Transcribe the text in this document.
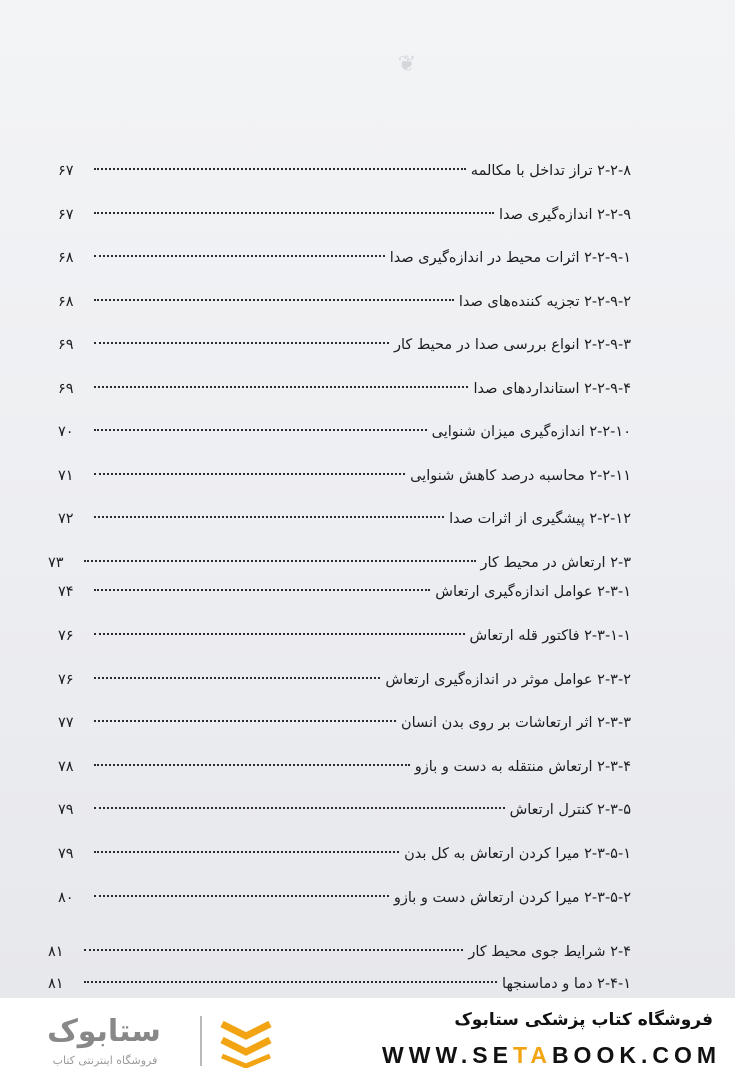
❦
۲-۲-۸ تراز تداخل با مکالمه
۶۷
۲-۲-۹ اندازه‌گیری صدا
۶۷
۲-۲-۹-۱ اثرات محیط در اندازه‌گیری صدا
۶۸
۲-۲-۹-۲ تجزیه کننده‌های صدا
۶۸
۲-۲-۹-۳ انواع بررسی صدا در محیط کار
۶۹
۲-۲-۹-۴ استانداردهای صدا
۶۹
۲-۲-۱۰ اندازه‌گیری میزان شنوایی
۷۰
۲-۲-۱۱ محاسبه درصد کاهش شنوایی
۷۱
۲-۲-۱۲ پیشگیری از اثرات صدا
۷۲
۲-۳ ارتعاش در محیط کار
۷۳
۲-۳-۱ عوامل اندازه‌گیری ارتعاش
۷۴
۲-۳-۱-۱ فاکتور قله ارتعاش
۷۶
۲-۳-۲ عوامل موثر در اندازه‌گیری ارتعاش
۷۶
۲-۳-۳ اثر ارتعاشات بر روی بدن انسان
۷۷
۲-۳-۴ ارتعاش منتقله به دست و بازو
۷۸
۲-۳-۵ کنترل ارتعاش
۷۹
۲-۳-۵-۱ میرا کردن ارتعاش به کل بدن
۷۹
۲-۳-۵-۲ میرا کردن ارتعاش دست و بازو
۸۰
۲-۴ شرایط جوی محیط کار
۸۱
۲-۴-۱ دما و دماسنجها
۸۱
فروشگاه کتاب پزشکی ستابوک
WWW.SETABOOK.COM
ستابوک
فروشگاه اینترنتی کتاب
